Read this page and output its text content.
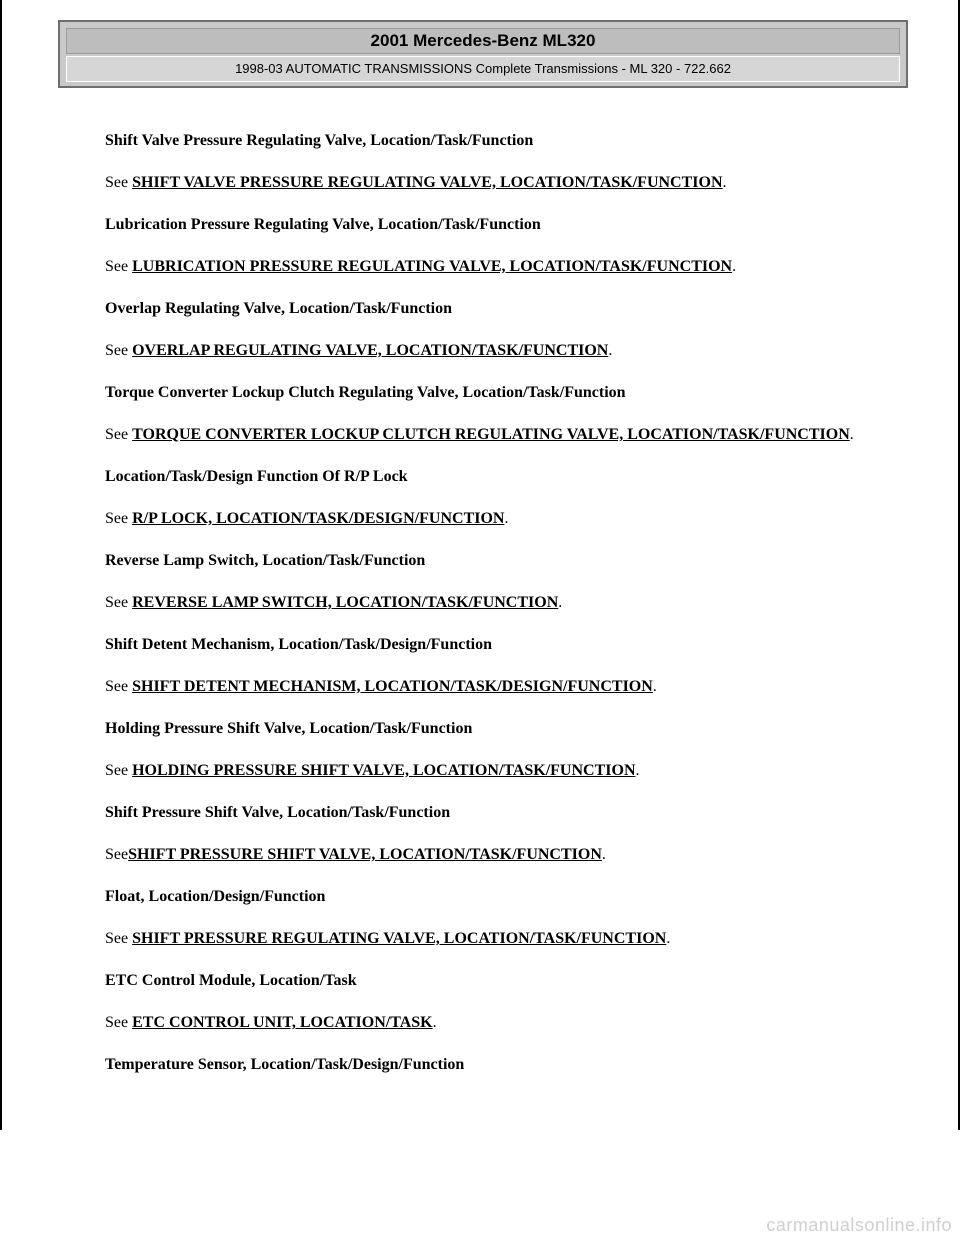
2001 Mercedes-Benz ML320
1998-03 AUTOMATIC TRANSMISSIONS Complete Transmissions - ML 320 - 722.662

Shift Valve Pressure Regulating Valve, Location/Task/Function

See SHIFT VALVE PRESSURE REGULATING VALVE, LOCATION/TASK/FUNCTION.

Lubrication Pressure Regulating Valve, Location/Task/Function

See LUBRICATION PRESSURE REGULATING VALVE, LOCATION/TASK/FUNCTION.

Overlap Regulating Valve, Location/Task/Function

See OVERLAP REGULATING VALVE, LOCATION/TASK/FUNCTION.

Torque Converter Lockup Clutch Regulating Valve, Location/Task/Function

See TORQUE CONVERTER LOCKUP CLUTCH REGULATING VALVE, LOCATION/TASK/FUNCTION.

Location/Task/Design Function Of R/P Lock

See R/P LOCK, LOCATION/TASK/DESIGN/FUNCTION.

Reverse Lamp Switch, Location/Task/Function

See REVERSE LAMP SWITCH, LOCATION/TASK/FUNCTION.

Shift Detent Mechanism, Location/Task/Design/Function

See SHIFT DETENT MECHANISM, LOCATION/TASK/DESIGN/FUNCTION.

Holding Pressure Shift Valve, Location/Task/Function

See HOLDING PRESSURE SHIFT VALVE, LOCATION/TASK/FUNCTION.

Shift Pressure Shift Valve, Location/Task/Function

SeeSHIFT PRESSURE SHIFT VALVE, LOCATION/TASK/FUNCTION.

Float, Location/Design/Function

See SHIFT PRESSURE REGULATING VALVE, LOCATION/TASK/FUNCTION.

ETC Control Module, Location/Task

See ETC CONTROL UNIT, LOCATION/TASK.

Temperature Sensor, Location/Task/Design/Function

carmanualsonline.info
